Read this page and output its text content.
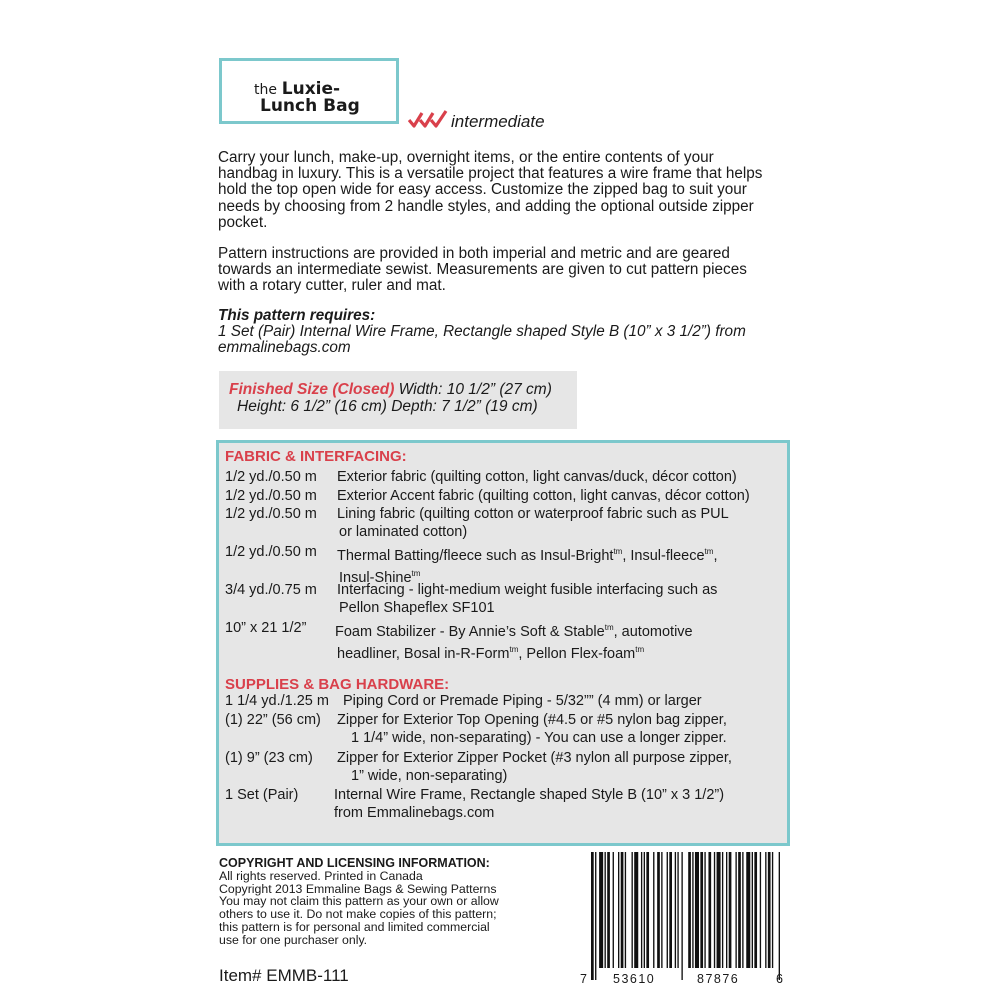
the Luxie-
Lunch Bag
intermediate
Carry your lunch, make-up, overnight items, or the entire contents of your
handbag in luxury. This is a versatile project that features a wire frame that helps
hold the top open wide for easy access. Customize the zipped bag to suit your
needs by choosing from 2 handle styles, and adding the optional outside zipper
pocket.
Pattern instructions are provided in both imperial and metric and are geared
towards an intermediate sewist. Measurements are given to cut pattern pieces
with a rotary cutter, ruler and mat.
This pattern requires:
1 Set (Pair) Internal Wire Frame, Rectangle shaped Style B (10” x 3 1/2”) from
emmalinebags.com
Finished Size (Closed) Width: 10 1/2” (27 cm)
Height: 6 1/2” (16 cm) Depth: 7 1/2” (19 cm)
FABRIC & INTERFACING:
1/2 yd./0.50 m Exterior fabric (quilting cotton, light canvas/duck, décor cotton)
1/2 yd./0.50 m Exterior Accent fabric (quilting cotton, light canvas, décor cotton)
1/2 yd./0.50 m Lining fabric (quilting cotton or waterproof fabric such as PUL
or laminated cotton)
1/2 yd./0.50 m Thermal Batting/fleece such as Insul-Bright$^{tm}$, Insul-fleece$^{tm}$,
Insul-Shine$^{tm}$
3/4 yd./0.75 m Interfacing - light-medium weight fusible interfacing such as
Pellon Shapeflex SF101
10” x 21 1/2” Foam Stabilizer - By Annie’s Soft & Stable$^{tm}$, automotive
headliner, Bosal in-R-Form$^{tm}$, Pellon Flex-foam$^{tm}$
SUPPLIES & BAG HARDWARE:
1 1/4 yd./1.25 m Piping Cord or Premade Piping - 5/32”” (4 mm) or larger
(1) 22” (56 cm) Zipper for Exterior Top Opening (#4.5 or #5 nylon bag zipper,
1 1/4” wide, non-separating) - You can use a longer zipper.
(1) 9” (23 cm) Zipper for Exterior Zipper Pocket (#3 nylon all purpose zipper,
1” wide, non-separating)
1 Set (Pair) Internal Wire Frame, Rectangle shaped Style B (10” x 3 1/2”)
from Emmalinebags.com
COPYRIGHT AND LICENSING INFORMATION:
All rights reserved. Printed in Canada
Copyright 2013 Emmaline Bags & Sewing Patterns
You may not claim this pattern as your own or allow
others to use it. Do not make copies of this pattern;
this pattern is for personal and limited commercial
use for one purchaser only.
Item# EMMB-111	7 53610	87876	6
